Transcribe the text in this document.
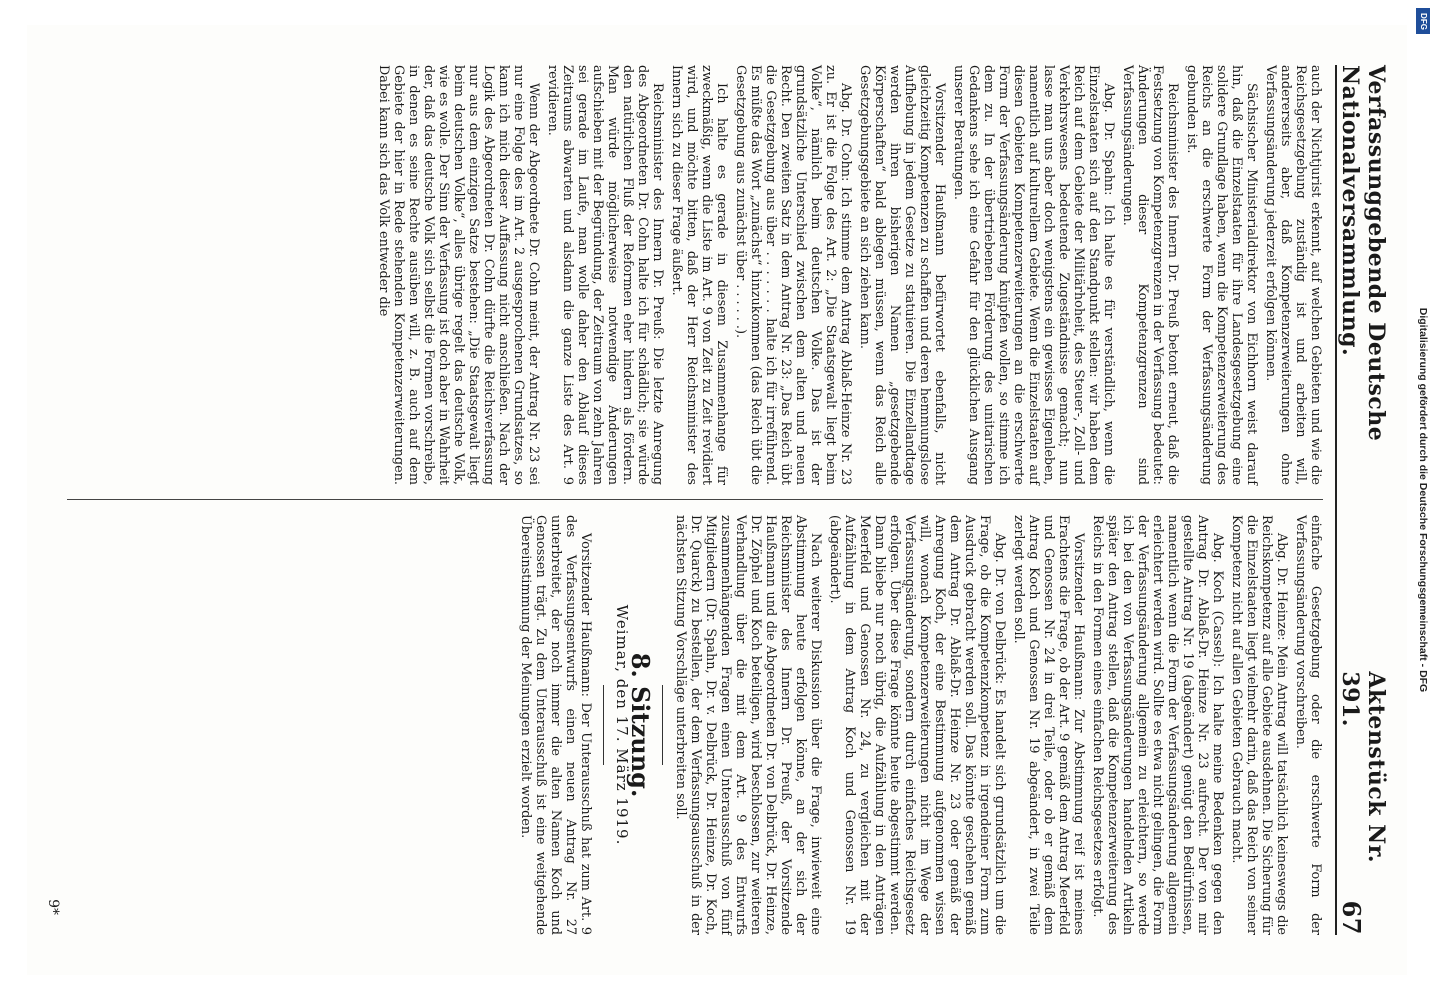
Verfassunggebende Deutsche Nationalversammlung.
Aktenstück Nr. 391.
67

auch der Nichtjurist erkennt, auf welchen Gebieten und wie die Reichsgesetzgebung zuständig ist und arbeiten will, andererseits aber, daß Kompetenzerweiterungen ohne Verfassungsänderung jederzeit erfolgen können.

Sächsischer Ministerialdirektor von Eichhorn weist darauf hin, daß die Einzelstaaten für ihre Landesgesetzgebung eine solidere Grundlage haben, wenn die Kompetenzerweiterung des Reichs an die erschwerte Form der Verfassungsänderung gebunden ist.

Reichsminister des Innern Dr. Preuß betont erneut, daß die Festsetzung von Kompetenzgrenzen in der Verfassung bedeutet: Änderungen dieser Kompetenzgrenzen sind Verfassungsänderungen.

Abg. Dr. Spahn: Ich halte es für verständlich, wenn die Einzelstaaten sich auf den Standpunkt stellen: wir haben dem Reich auf dem Gebiete der Militärhoheit, des Steuer-, Zoll- und Verkehrswesens bedeutende Zugeständnisse gemacht; nun lasse man uns aber doch wenigstens ein gewisses Eigenleben, namentlich auf kulturellem Gebiete. Wenn die Einzelstaaten auf diesen Gebieten Kompetenzerweiterungen an die erschwerte Form der Verfassungsänderung knüpfen wollen, so stimme ich dem zu. In der übertriebenen Förderung des unitarischen Gedankens sehe ich eine Gefahr für den glücklichen Ausgang unserer Beratungen.

Vorsitzender Haußmann befürwortet ebenfalls, nicht gleichzeitig Kompetenzen zu schaffen und deren hemmungslose Aufhebung in jedem Gesetze zu statuieren. Die Einzellandtage werden ihren bisherigen Namen „gesetzgebende Körperschaften“ bald ablegen müssen, wenn das Reich alle Gesetzgebungsgebiete an sich ziehen kann.

Abg. Dr. Cohn: Ich stimme dem Antrag Ablaß-Heinze Nr. 23 zu. Er ist die Folge des Art. 2: „Die Staatsgewalt liegt beim Volke“, nämlich beim deutschen Volke. Das ist der grundsätzliche Unterschied zwischen dem alten und neuen Recht. Den zweiten Satz in dem Antrag Nr. 23: „Das Reich übt die Gesetzgebung aus über . . . . . . . halte ich für irreführend. Es müßte das Wort „zunächst“ hinzukommen (das Reich übt die Gesetzgebung aus zunächst über . . . . . .).

Ich halte es gerade in diesem Zusammenhange für zweckmäßig, wenn die Liste im Art. 9 von Zeit zu Zeit revidiert wird, und möchte bitten, daß der Herr Reichsminister des Innern sich zu dieser Frage äußert.

Reichsminister des Innern Dr. Preuß: Die letzte Anregung des Abgeordneten Dr. Cohn halte ich für schädlich; sie würde den natürlichen Fluß der Reformen eher hindern als fördern. Man würde möglicherweise notwendige Änderungen aufschieben mit der Begründung, der Zeitraum von zehn Jahren sei gerade im Laufe, man wolle daher den Ablauf dieses Zeitraums abwarten und alsdann die ganze Liste des Art. 9 revidieren.

Wenn der Abgeordnete Dr. Cohn meint, der Antrag Nr. 23 sei nur eine Folge des im Art. 2 ausgesprochenen Grundsatzes, so kann ich mich dieser Auffassung nicht anschließen. Nach der Logik des Abgeordneten Dr. Cohn dürfte die Reichsverfassung nur aus dem einzigen Satze bestehen: „Die Staatsgewalt liegt beim deutschen Volke“, alles übrige regelt das deutsche Volk, wie es wolle. Der Sinn der Verfassung ist doch aber in Wahrheit der, daß das deutsche Volk sich selbst die Formen vorschreibe, in denen es seine Rechte ausüben will, z. B. auch auf dem Gebiete der hier in Rede stehenden Kompetenzerweiterungen. Dabei kann sich das Volk entweder die

einfache Gesetzgebung oder die erschwerte Form der Verfassungsänderung vorschreiben.

Abg. Dr. Heinze: Mein Antrag will tatsächlich keineswegs die Reichskompetenz auf alle Gebiete ausdehnen. Die Sicherung für die Einzelstaaten liegt vielmehr darin, daß das Reich von seiner Kompetenz nicht auf allen Gebieten Gebrauch macht.

Abg. Koch (Cassel): Ich halte meine Bedenken gegen den Antrag Dr. Ablaß-Dr. Heinze Nr. 23 aufrecht. Der von mir gestellte Antrag Nr. 19 (abgeändert) genügt den Bedürfnissen, namentlich wenn die Form der Verfassungsänderung allgemein erleichtert werden wird. Sollte es etwa nicht gelingen, die Form der Verfassungsänderung allgemein zu erleichtern, so werde ich bei den von Verfassungsänderungen handelnden Artikeln später den Antrag stellen, daß die Kompetenzerweiterung des Reichs in den Formen eines einfachen Reichsgesetzes erfolgt.

Vorsitzender Haußmann: Zur Abstimmung reif ist meines Erachtens die Frage, ob der Art. 9 gemäß dem Antrag Meerfeld und Genossen Nr. 24 in drei Teile, oder ob er gemäß dem Antrag Koch und Genossen Nr. 19 abgeändert, in zwei Teile zerlegt werden soll.

Abg. Dr. von Delbrück: Es handelt sich grundsätzlich um die Frage, ob die Kompetenzkompetenz in irgendeiner Form zum Ausdruck gebracht werden soll. Das könnte geschehen gemäß dem Antrag Dr. Ablaß-Dr. Heinze Nr. 23 oder gemäß der Anregung Koch, der eine Bestimmung aufgenommen wissen will, wonach Kompetenzerweiterungen nicht im Wege der Verfassungsänderung, sondern durch einfaches Reichsgesetz erfolgen. Über diese Frage könnte heute abgestimmt werden. Dann bliebe nur noch übrig, die Aufzählung in den Anträgen Meerfeld und Genossen Nr. 24, zu vergleichen mit der Aufzählung in dem Antrag Koch und Genossen Nr. 19 (abgeändert).

Nach weiterer Diskussion über die Frage, inwieweit eine Abstimmung heute erfolgen könne, an der sich der Reichsminister des Innern Dr. Preuß, der Vorsitzende Haußmann und die Abgeordneten Dr. von Delbrück, Dr. Heinze, Dr. Zöphel und Koch beteiligen, wird beschlossen, zur weiteren Verhandlung über die mit dem Art. 9 des Entwurfs zusammenhängenden Fragen einen Unterausschuß von fünf Mitgliedern (Dr. Spahn, Dr. v. Delbrück, Dr. Heinze, Dr. Koch, Dr. Quarck) zu bestellen, der dem Verfassungsausschuß in der nächsten Sitzung Vorschläge unterbreiten soll.

8. Sitzung.
Weimar, den 17. März 1919.

Vorsitzender Haußmann: Der Unterausschuß hat zum Art. 9 des Verfassungsentwurfs einen neuen Antrag Nr. 27 unterbreitet, der noch immer die alten Namen Koch und Genossen trägt. Zu dem Unterausschuß ist eine weitgehende Übereinstimmung der Meinungen erzielt worden.

9*
Digitalisierung gefördert durch die Deutsche Forschungsgemeinschaft - DFG
DFG
